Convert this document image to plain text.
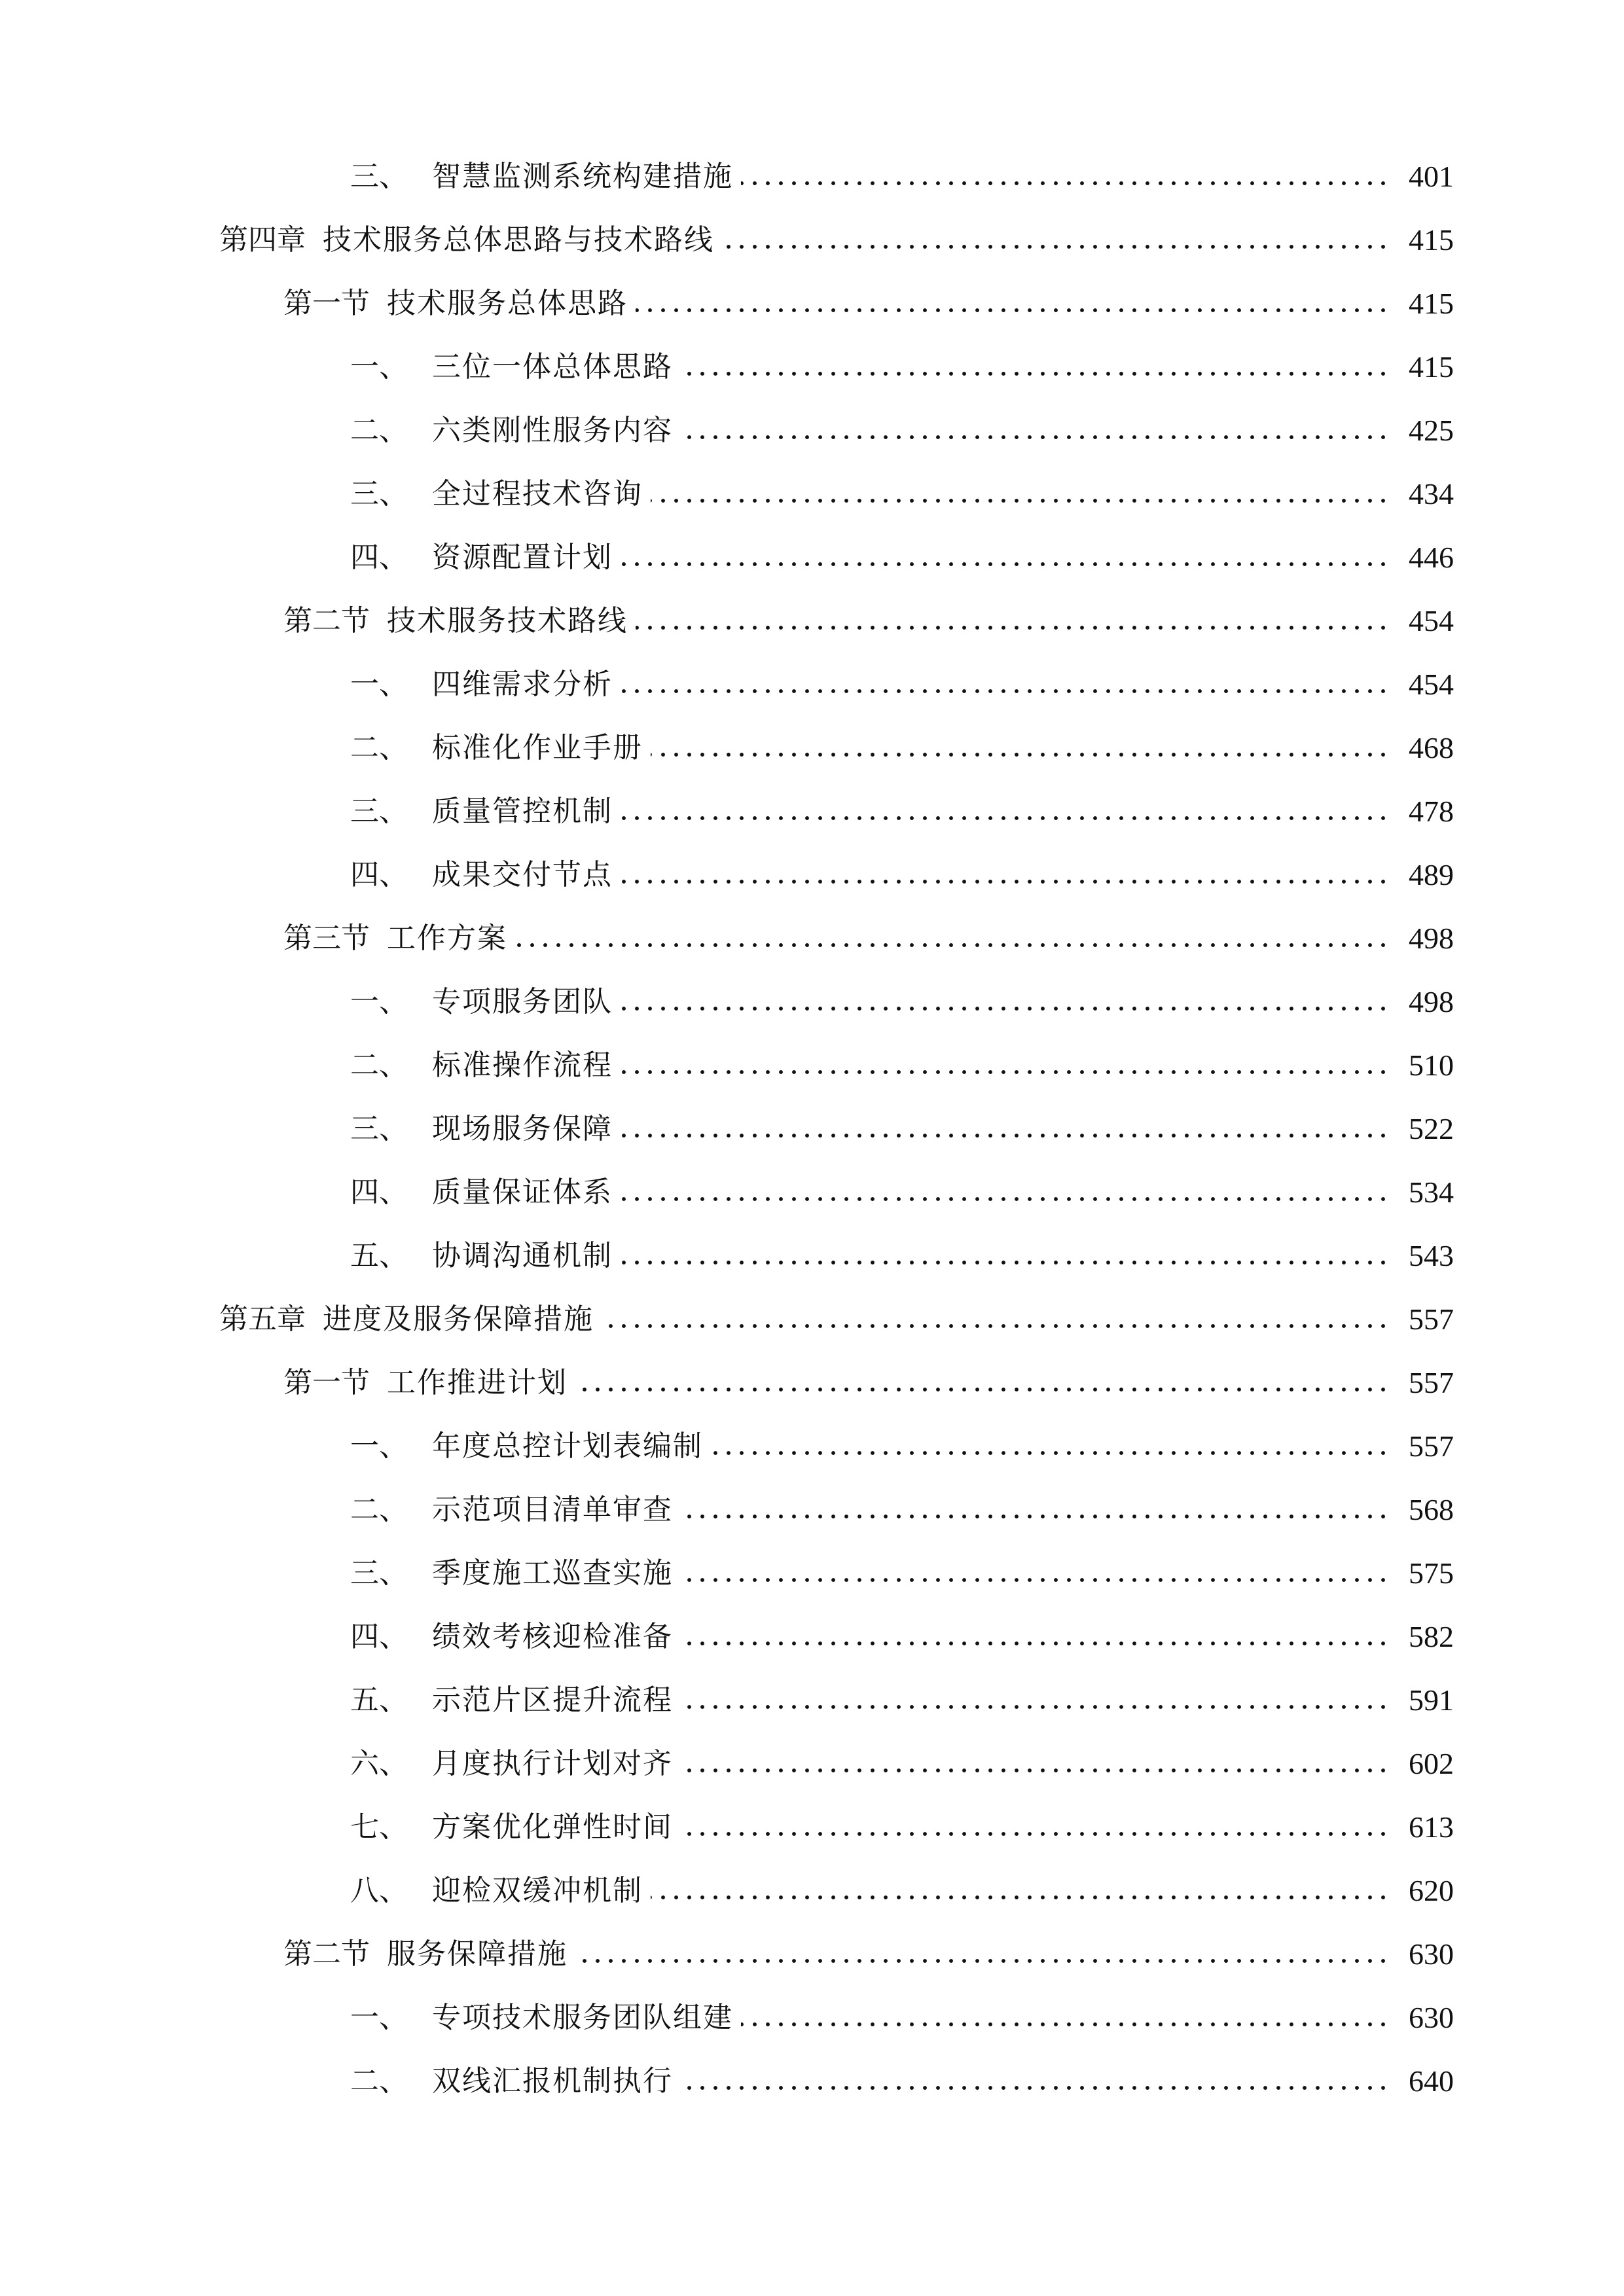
三、 智慧监测系统构建措施	401
第四章 技术服务总体思路与技术路线	415
第一节 技术服务总体思路	415
一、 三位一体总体思路	415
二、 六类刚性服务内容	425
三、 全过程技术咨询	434
四、 资源配置计划	446
第二节 技术服务技术路线	454
一、 四维需求分析	454
二、 标准化作业手册	468
三、 质量管控机制	478
四、 成果交付节点	489
第三节 工作方案	498
一、 专项服务团队	498
二、 标准操作流程	510
三、 现场服务保障	522
四、 质量保证体系	534
五、 协调沟通机制	543
第五章 进度及服务保障措施	557
第一节 工作推进计划	557
一、 年度总控计划表编制	557
二、 示范项目清单审查	568
三、 季度施工巡查实施	575
四、 绩效考核迎检准备	582
五、 示范片区提升流程	591
六、 月度执行计划对齐	602
七、 方案优化弹性时间	613
八、 迎检双缓冲机制	620
第二节 服务保障措施	630
一、 专项技术服务团队组建	630
二、 双线汇报机制执行	640
